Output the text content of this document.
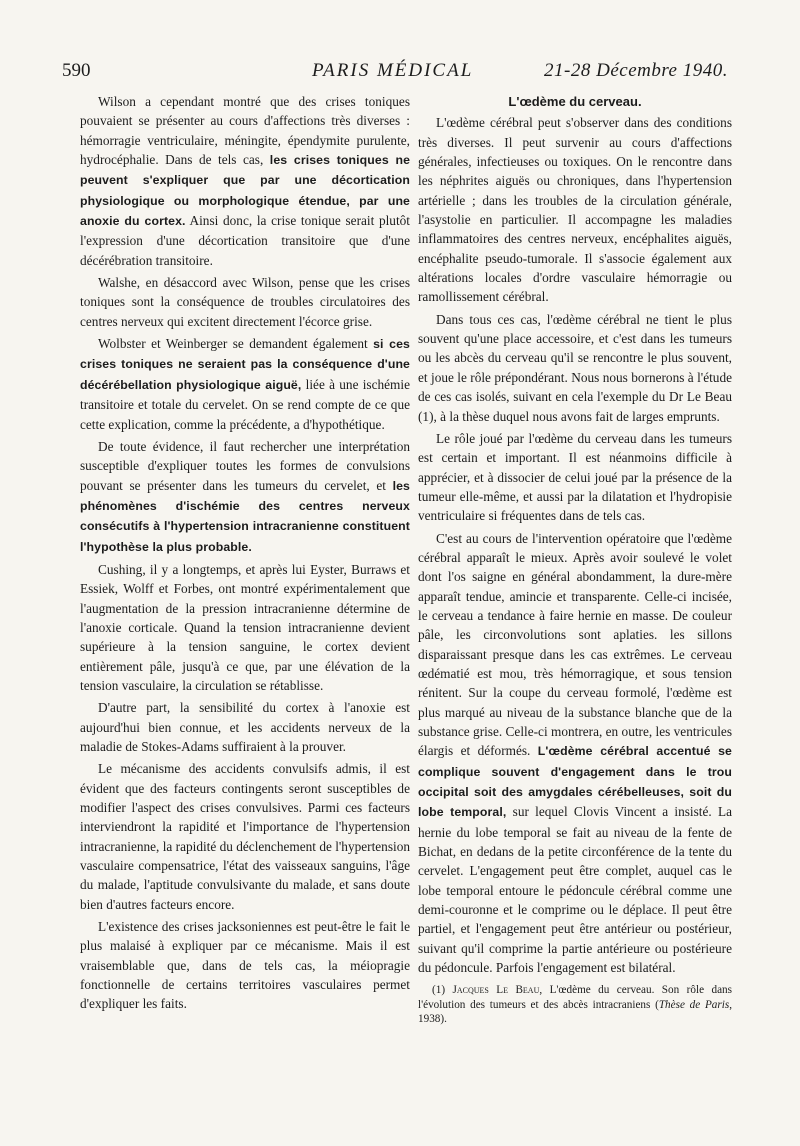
590	PARIS MÉDICAL	21-28 Décembre 1940.

Wilson a cependant montré que des crises toniques pouvaient se présenter au cours d'affections très diverses : hémorragie ventriculaire, méningite, épendymite purulente, hydrocéphalie. Dans de tels cas, les crises toniques ne peuvent s'expliquer que par une décortication physiologique ou morphologique étendue, par une anoxie du cortex. Ainsi donc, la crise tonique serait plutôt l'expression d'une décortication transitoire que d'une décérébration transitoire.

Walshe, en désaccord avec Wilson, pense que les crises toniques sont la conséquence de troubles circulatoires des centres nerveux qui excitent directement l'écorce grise.

Wolbster et Weinberger se demandent également si ces crises toniques ne seraient pas la conséquence d'une décérébellation physiologique aiguë, liée à une ischémie transitoire et totale du cervelet. On se rend compte de ce que cette explication, comme la précédente, a d'hypothétique.

De toute évidence, il faut rechercher une interprétation susceptible d'expliquer toutes les formes de convulsions pouvant se présenter dans les tumeurs du cervelet, et les phénomènes d'ischémie des centres nerveux consécutifs à l'hypertension intracranienne constituent l'hypothèse la plus probable.

Cushing, il y a longtemps, et après lui Eyster, Burraws et Essiek, Wolff et Forbes, ont montré expérimentalement que l'augmentation de la pression intracranienne détermine de l'anoxie corticale. Quand la tension intracranienne devient supérieure à la tension sanguine, le cortex devient entièrement pâle, jusqu'à ce que, par une élévation de la tension vasculaire, la circulation se rétablisse.

D'autre part, la sensibilité du cortex à l'anoxie est aujourd'hui bien connue, et les accidents nerveux de la maladie de Stokes-Adams suffiraient à la prouver.

Le mécanisme des accidents convulsifs admis, il est évident que des facteurs contingents seront susceptibles de modifier l'aspect des crises convulsives. Parmi ces facteurs interviendront la rapidité et l'importance de l'hypertension intracranienne, la rapidité du déclenchement de l'hypertension vasculaire compensatrice, l'état des vaisseaux sanguins, l'âge du malade, l'aptitude convulsivante du malade, et sans doute bien d'autres facteurs encore.

L'existence des crises jacksoniennes est peut-être le fait le plus malaisé à expliquer par ce mécanisme. Mais il est vraisemblable que, dans de tels cas, la méiopragie fonctionnelle de certains territoires vasculaires permet d'expliquer les faits.

L'œdème du cerveau.

L'œdème cérébral peut s'observer dans des conditions très diverses. Il peut survenir au cours d'affections générales, infectieuses ou toxiques. On le rencontre dans les néphrites aiguës ou chroniques, dans l'hypertension artérielle ; dans les troubles de la circulation générale, l'asystolie en particulier. Il accompagne les maladies inflammatoires des centres nerveux, encéphalites aiguës, encéphalite pseudo-tumorale. Il s'associe également aux altérations locales d'ordre vasculaire hémorragie ou ramollissement cérébral.

Dans tous ces cas, l'œdème cérébral ne tient le plus souvent qu'une place accessoire, et c'est dans les tumeurs ou les abcès du cerveau qu'il se rencontre le plus souvent, et joue le rôle prépondérant. Nous nous bornerons à l'étude de ces cas isolés, suivant en cela l'exemple du Dr Le Beau (1), à la thèse duquel nous avons fait de larges emprunts.

Le rôle joué par l'œdème du cerveau dans les tumeurs est certain et important. Il est néanmoins difficile à apprécier, et à dissocier de celui joué par la présence de la tumeur elle-même, et aussi par la dilatation et l'hydropisie ventriculaire si fréquentes dans de tels cas.

C'est au cours de l'intervention opératoire que l'œdème cérébral apparaît le mieux. Après avoir soulevé le volet dont l'os saigne en général abondamment, la dure-mère apparaît tendue, amincie et transparente. Celle-ci incisée, le cerveau a tendance à faire hernie en masse. De couleur pâle, les circonvolutions sont aplaties. les sillons disparaissant presque dans les cas extrêmes. Le cerveau œdématié est mou, très hémorragique, et sous tension rénitent. Sur la coupe du cerveau formolé, l'œdème est plus marqué au niveau de la substance blanche que de la substance grise. Celle-ci montrera, en outre, les ventricules élargis et déformés. L'œdème cérébral accentué se complique souvent d'engagement dans le trou occipital soit des amygdales cérébelleuses, soit du lobe temporal, sur lequel Clovis Vincent a insisté. La hernie du lobe temporal se fait au niveau de la fente de Bichat, en dedans de la petite circonférence de la tente du cervelet. L'engagement peut être complet, auquel cas le lobe temporal entoure le pédoncule cérébral comme une demi-couronne et le comprime ou le déplace. Il peut être partiel, et l'engagement peut être antérieur ou postérieur, suivant qu'il comprime la partie antérieure ou postérieure du pédoncule. Parfois l'engagement est bilatéral.

(1) Jacques Le Beau, L'œdème du cerveau. Son rôle dans l'évolution des tumeurs et des abcès intracraniens (Thèse de Paris, 1938).
